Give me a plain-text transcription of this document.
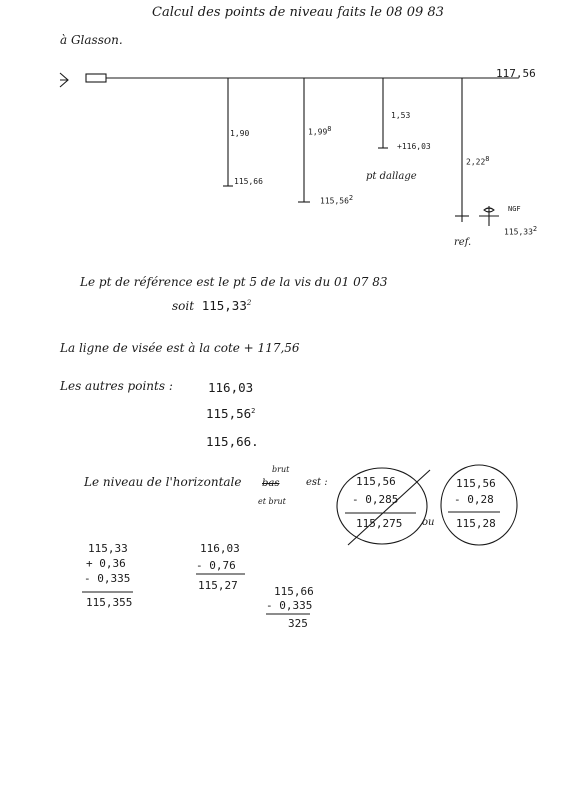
Calcul des points de niveau faits le 08 09 83
à Glasson.
117,56
1,90
115,66
1,99$^8$
115,56$^2$
1,53
+116,03
pt dallage
2,22$^8$
NGF
115,33$^2$
ref.
Le pt de référence est le pt 5 de la vis du 01 07 83
soit 115,33$^2$
La ligne de visée est à la cote + 117,56
Les autres points :	116,03
115,56$^2$
115,66.
Le niveau de l'horizontale
brut
bas
et brut
est :
ou
115,56
- 0,285
115,275
115,56
- 0,28
115,28
115,33
+ 0,36
- 0,335
115,355
116,03
- 0,76
115,27	115,66
- 0,335
325
